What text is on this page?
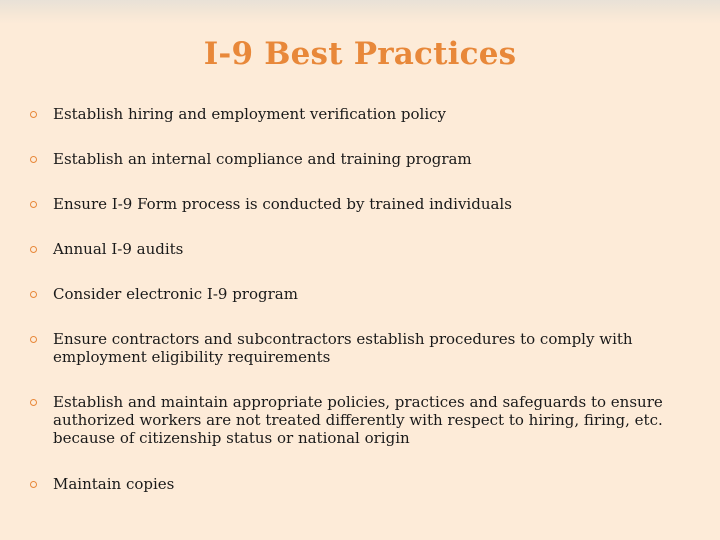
I-9 Best Practices
Establish hiring and employment verification policy
Establish an internal compliance and training program
Ensure I-9 Form process is conducted by trained individuals
Annual I-9 audits
Consider electronic I-9 program
Ensure contractors and subcontractors establish procedures to comply with employment eligibility requirements
Establish and maintain appropriate policies, practices and safeguards to ensure authorized workers are not treated differently with respect to hiring, firing, etc. because of citizenship status or national origin
Maintain copies
